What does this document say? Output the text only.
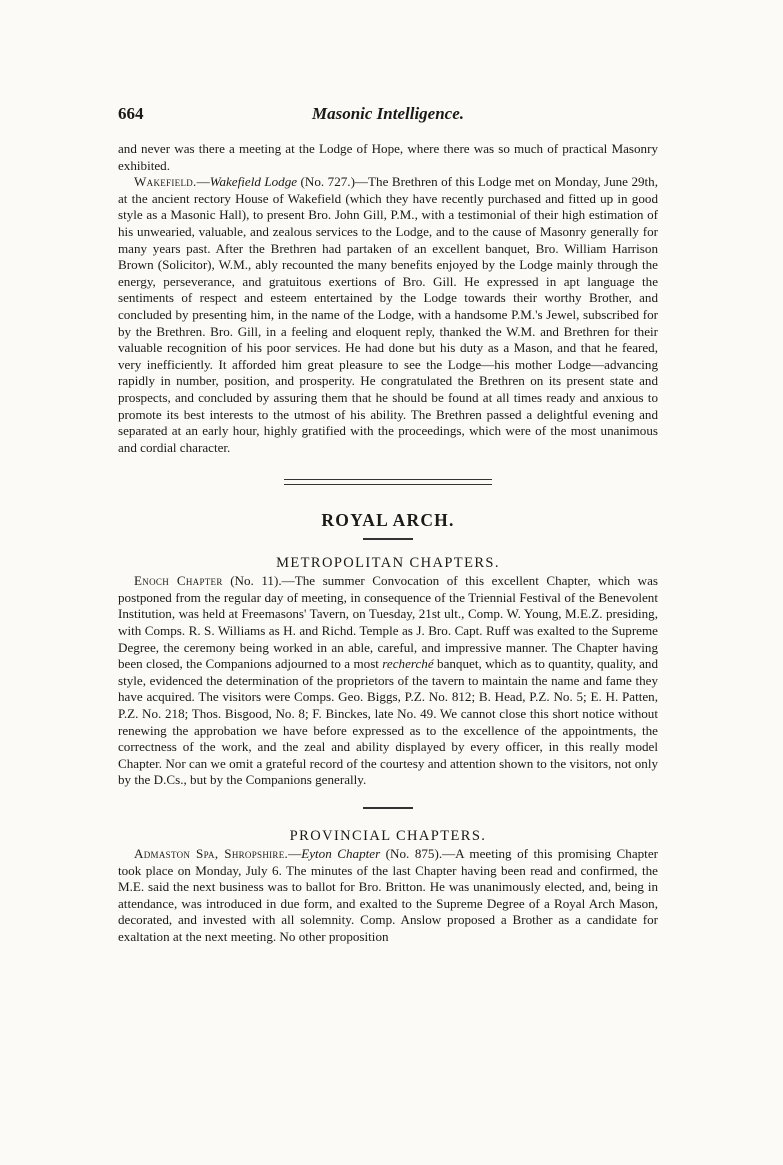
664	Masonic Intelligence.

and never was there a meeting at the Lodge of Hope, where there was so much of practical Masonry exhibited.

Wakefield.—Wakefield Lodge (No. 727.)—The Brethren of this Lodge met on Monday, June 29th, at the ancient rectory House of Wakefield (which they have recently purchased and fitted up in good style as a Masonic Hall), to present Bro. John Gill, P.M., with a testimonial of their high estimation of his unwearied, valuable, and zealous services to the Lodge, and to the cause of Masonry generally for many years past. After the Brethren had partaken of an excellent banquet, Bro. William Harrison Brown (Solicitor), W.M., ably recounted the many benefits enjoyed by the Lodge mainly through the energy, perseverance, and gratuitous exertions of Bro. Gill. He expressed in apt language the sentiments of respect and esteem entertained by the Lodge towards their worthy Brother, and concluded by presenting him, in the name of the Lodge, with a handsome P.M.'s Jewel, subscribed for by the Brethren. Bro. Gill, in a feeling and eloquent reply, thanked the W.M. and Brethren for their valuable recognition of his poor services. He had done but his duty as a Mason, and that he feared, very inefficiently. It afforded him great pleasure to see the Lodge—his mother Lodge—advancing rapidly in number, position, and prosperity. He congratulated the Brethren on its present state and prospects, and concluded by assuring them that he should be found at all times ready and anxious to promote its best interests to the utmost of his ability. The Brethren passed a delightful evening and separated at an early hour, highly gratified with the proceedings, which were of the most unanimous and cordial character.

ROYAL ARCH.
METROPOLITAN CHAPTERS.

Enoch Chapter (No. 11).—The summer Convocation of this excellent Chapter, which was postponed from the regular day of meeting, in consequence of the Triennial Festival of the Benevolent Institution, was held at Freemasons' Tavern, on Tuesday, 21st ult., Comp. W. Young, M.E.Z. presiding, with Comps. R. S. Williams as H. and Richd. Temple as J. Bro. Capt. Ruff was exalted to the Supreme Degree, the ceremony being worked in an able, careful, and impressive manner. The Chapter having been closed, the Companions adjourned to a most recherché banquet, which as to quantity, quality, and style, evidenced the determination of the proprietors of the tavern to maintain the name and fame they have acquired. The visitors were Comps. Geo. Biggs, P.Z. No. 812; B. Head, P.Z. No. 5; E. H. Patten, P.Z. No. 218; Thos. Bisgood, No. 8; F. Binckes, late No. 49. We cannot close this short notice without renewing the approbation we have before expressed as to the excellence of the appointments, the correctness of the work, and the zeal and ability displayed by every officer, in this really model Chapter. Nor can we omit a grateful record of the courtesy and attention shown to the visitors, not only by the D.Cs., but by the Companions generally.

PROVINCIAL CHAPTERS.

Admaston Spa, Shropshire.—Eyton Chapter (No. 875).—A meeting of this promising Chapter took place on Monday, July 6. The minutes of the last Chapter having been read and confirmed, the M.E. said the next business was to ballot for Bro. Britton. He was unanimously elected, and, being in attendance, was introduced in due form, and exalted to the Supreme Degree of a Royal Arch Mason, decorated, and invested with all solemnity. Comp. Anslow proposed a Brother as a candidate for exaltation at the next meeting. No other proposition
